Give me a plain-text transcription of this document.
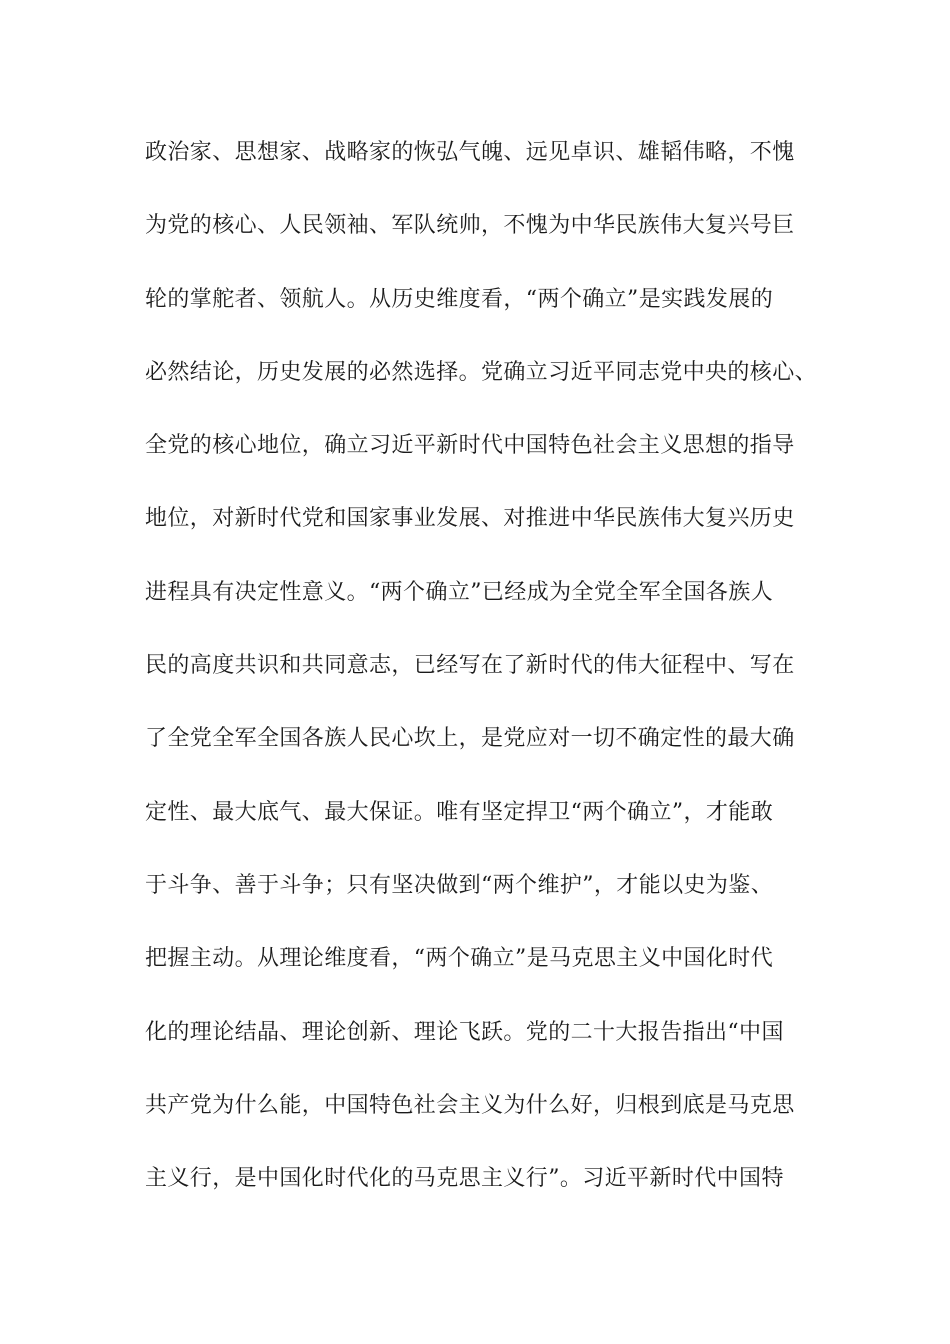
政治家、思想家、战略家的恢弘气魄、远见卓识、雄韬伟略，不愧
为党的核心、人民领袖、军队统帅，不愧为中华民族伟大复兴号巨
轮的掌舵者、领航人。从历史维度看，“两个确立”是实践发展的
必然结论，历史发展的必然选择。党确立习近平同志党中央的核心、
全党的核心地位，确立习近平新时代中国特色社会主义思想的指导
地位，对新时代党和国家事业发展、对推进中华民族伟大复兴历史
进程具有决定性意义。“两个确立”已经成为全党全军全国各族人
民的高度共识和共同意志，已经写在了新时代的伟大征程中、写在
了全党全军全国各族人民心坎上，是党应对一切不确定性的最大确
定性、最大底气、最大保证。唯有坚定捍卫“两个确立”，才能敢
于斗争、善于斗争；只有坚决做到“两个维护”，才能以史为鉴、
把握主动。从理论维度看，“两个确立”是马克思主义中国化时代
化的理论结晶、理论创新、理论飞跃。党的二十大报告指出“中国
共产党为什么能，中国特色社会主义为什么好，归根到底是马克思
主义行，是中国化时代化的马克思主义行”。习近平新时代中国特
